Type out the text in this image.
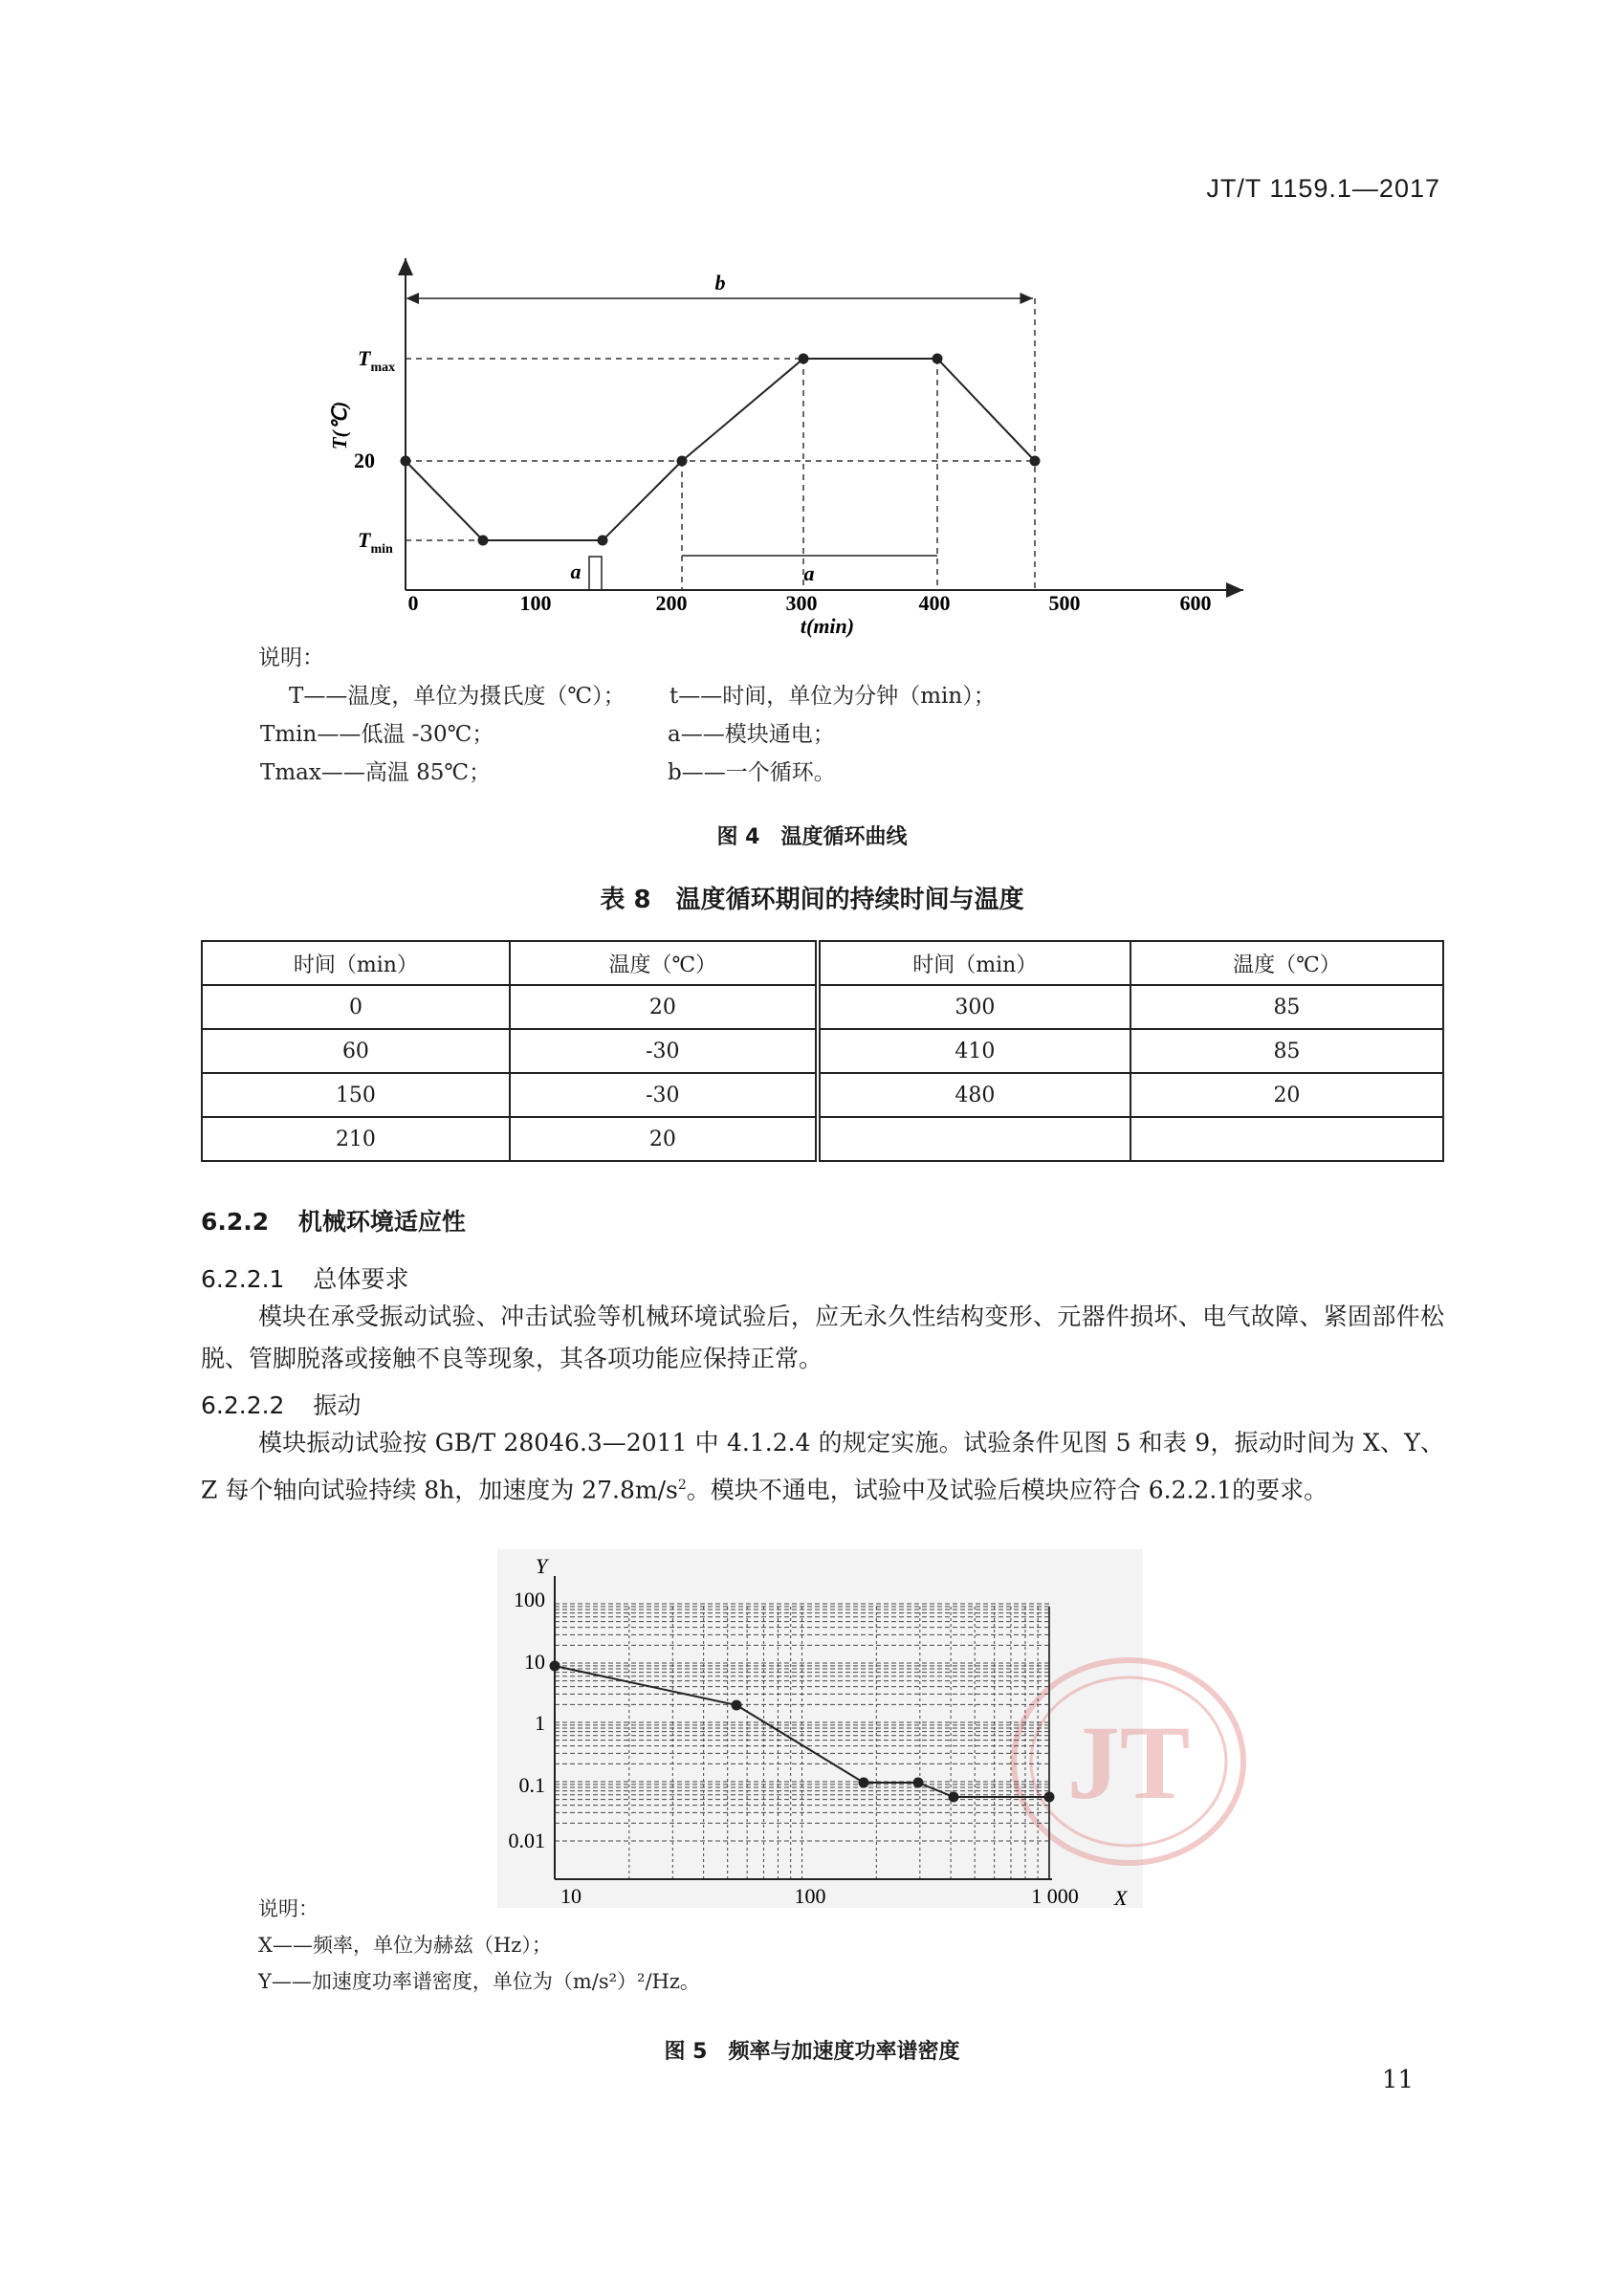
JT/T 1159.1—2017
b
a	a
$T_{max}$
20
$T_{min}$
T(℃)
0	100	200	300	400	500	600
t(min)
说明：
T——温度，单位为摄氏度（℃）； t——时间，单位为分钟（min）；
Tmin——低温 -30℃；	a——模块通电；
Tmax——高温 85℃；	b——一个循环。
图 4　温度循环曲线
表 8　温度循环期间的持续时间与温度
时间（min）	温度（℃）	时间（min）	温度（℃）
0	20	300	85
60	-30	410	85
150	-30	480	20
210	20		
6.2.2 机械环境适应性
6.2.2.1 总体要求
模块在承受振动试验、冲击试验等机械环境试验后，应无永久性结构变形、元器件损坏、电气故障、紧固部件松脱、管脚脱落或接触不良等现象，其各项功能应保持正常。
6.2.2.2 振动
模块振动试验按 GB/T 28046.3—2011 中 4.1.2.4 的规定实施。试验条件见图 5 和表 9，振动时间为 X、Y、Z 每个轴向试验持续 8h，加速度为 $27.8m/s^2$。模块不通电，试验中及试验后模块应符合 6.2.2.1的要求。
JT
Y
100
10
1
0.1
0.01
10	100	1 000 X
说明：
X——频率，单位为赫兹（Hz）；
Y——加速度功率谱密度，单位为（m/s²）²/Hz。
图 5　频率与加速度功率谱密度
11
